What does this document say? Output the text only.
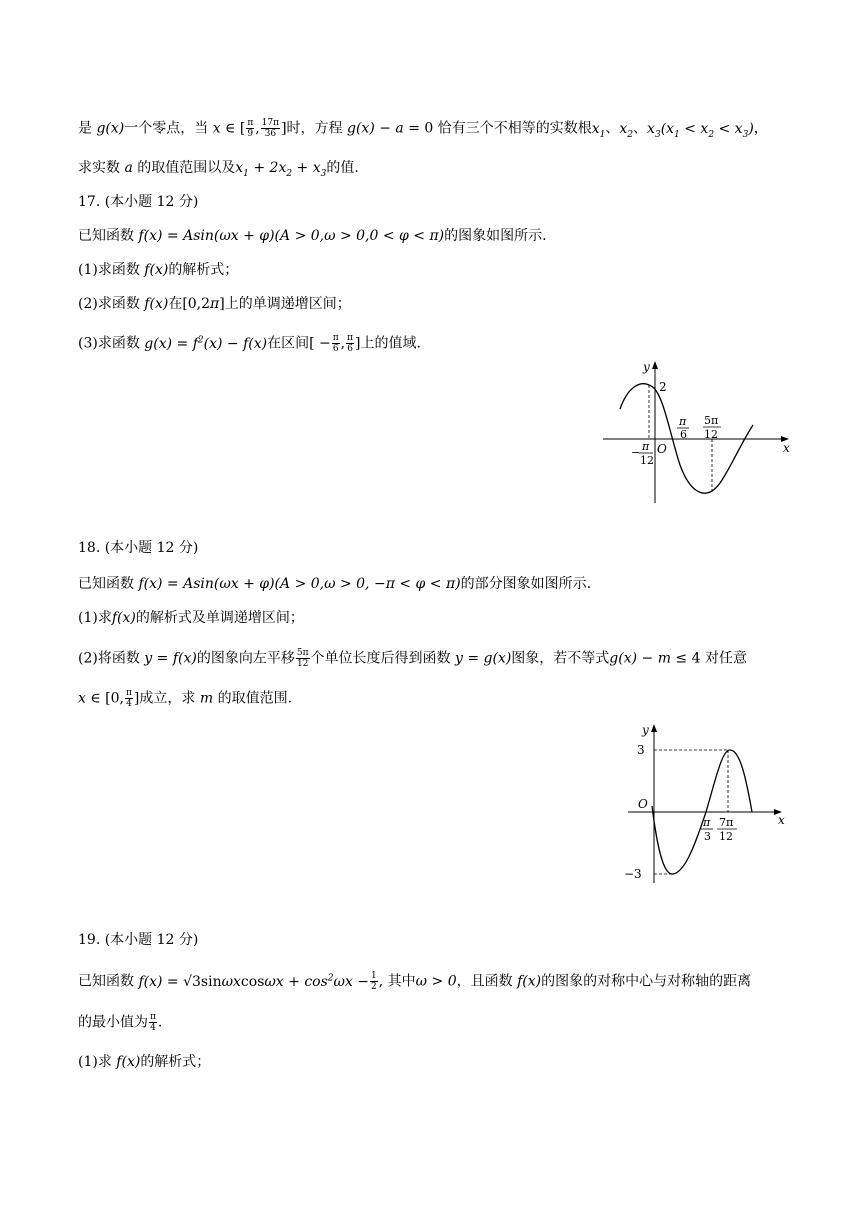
是 g(x)一个零点，当 x ∈ [ $\frac{\pi}{9}$ , $\frac{17\pi}{36}$ ]时，方程 g(x) − a = 0 恰有三个不相等的实数根$x_1$、$x_2$、$x_3(x_1 < x_2 < x_3)$，
求实数 a 的取值范围以及$x_1 + 2x_2 + x_3$的值.
17. (本小题 12 分)
已知函数 f(x) = Asin(ωx + φ)(A > 0,ω > 0,0 < φ < π)的图象如图所示.
(1)求函数 f(x)的解析式；
(2)求函数 f(x)在[0,2π]上的单调递增区间；
(3)求函数 $g(x) = f^2(x) - f(x)$在区间[ − $\frac{\pi}{6}$ , $\frac{\pi}{6}$ ]上的值域.
y
x
2
O
π
6
5π
12
− π
12
18. (本小题 12 分)
已知函数 f(x) = Asin(ωx + φ)(A > 0,ω > 0, −π < φ < π)的部分图象如图所示.
(1)求f(x)的解析式及单调递增区间；
(2)将函数 y = f(x)的图象向左平移 $\frac{5\pi}{12}$ 个单位长度后得到函数 y = g(x)图象，若不等式g(x) − m ≤ 4 对任意
x ∈ [0, $\frac{\pi}{4}$ ]成立，求 m 的取值范围.
y
x
3
−3
O
π
3
7π
12
19. (本小题 12 分)
已知函数 $f(x) = √3\sin\omega xcos\omega x + \cos^2\omega x - \frac{1}{2}$ , 其中ω > 0，且函数 f(x)的图象的对称中心与对称轴的距离
的最小值为 $\frac{\pi}{4}$ .
(1)求 f(x)的解析式；
